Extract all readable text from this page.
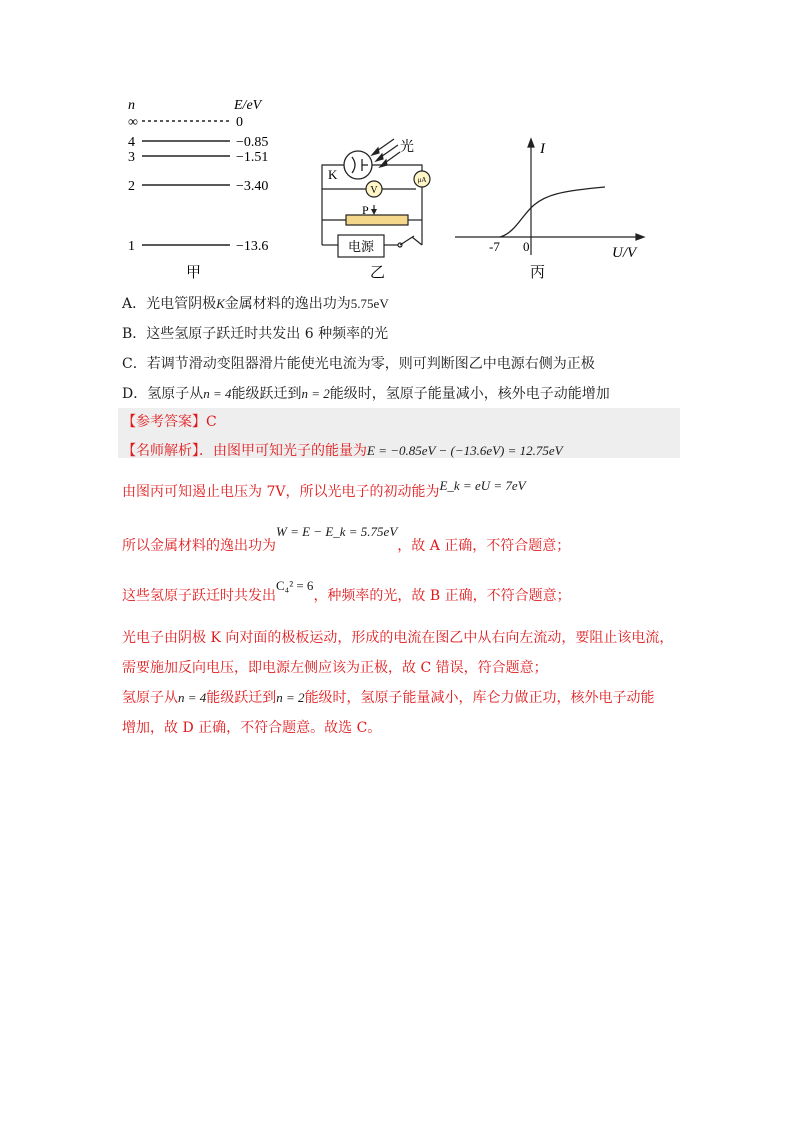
n	E/eV
∞	0
4	−0.85
3	−1.51
2	−3.40
1	−13.6
甲
光
K
V
μA
P
电源
乙
I
U/V
-7 0
丙
A．光电管阴极K金属材料的逸出功为5.75eV
B．这些氢原子跃迁时共发出 6 种频率的光
C．若调节滑动变阻器滑片能使光电流为零，则可判断图乙中电源右侧为正极
D．氢原子从n = 4能级跃迁到n = 2能级时，氢原子能量减小，核外电子动能增加
【参考答案】C
【名师解析】．由图甲可知光子的能量为E = −0.85eV − (−13.6eV) = 12.75eV
由图丙可知遏止电压为 7V，所以光电子的初动能为E_k = eU = 7eV
所以金属材料的逸出功为W = E − E_k = 5.75eV，故 A 正确，不符合题意；
这些氢原子跃迁时共发出C₄² = 6，种频率的光，故 B 正确，不符合题意；
光电子由阴极 K 向对面的极板运动，形成的电流在图乙中从右向左流动，要阻止该电流，
需要施加反向电压，即电源左侧应该为正极，故 C 错误，符合题意；
氢原子从n = 4能级跃迁到n = 2能级时，氢原子能量减小，库仑力做正功，核外电子动能
增加，故 D 正确，不符合题意。故选 C。
